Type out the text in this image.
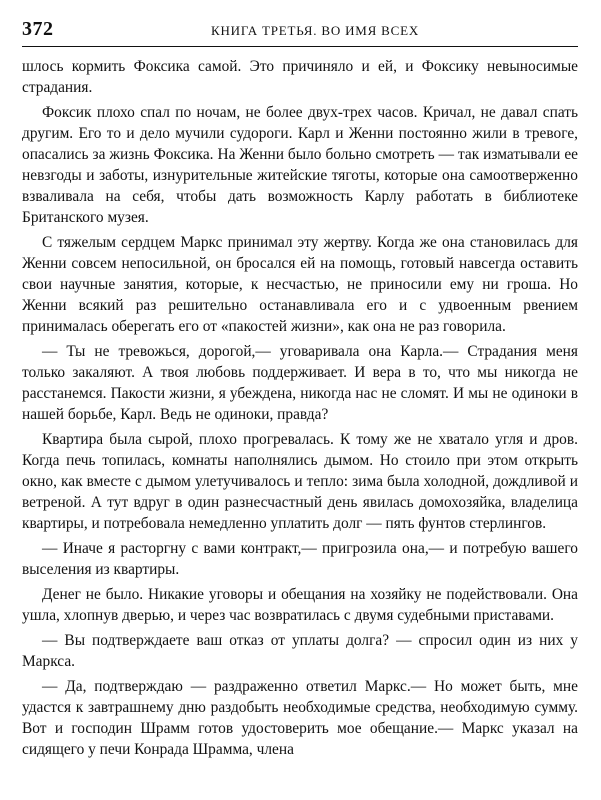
372	КНИГА ТРЕТЬЯ. ВО ИМЯ ВСЕХ

шлось кормить Фоксика самой. Это причиняло и ей, и Фоксику невыносимые страдания.

Фоксик плохо спал по ночам, не более двух-трех часов. Кричал, не давал спать другим. Его то и дело мучили судороги. Карл и Женни постоянно жили в тревоге, опасались за жизнь Фоксика. На Женни было больно смотреть — так изматывали ее невзгоды и заботы, изнурительные житейские тяготы, которые она самоотверженно взваливала на себя, чтобы дать возможность Карлу работать в библиотеке Британского музея.

С тяжелым сердцем Маркс принимал эту жертву. Когда же она становилась для Женни совсем непосильной, он бросался ей на помощь, готовый навсегда оставить свои научные занятия, которые, к несчастью, не приносили ему ни гроша. Но Женни всякий раз решительно останавливала его и с удвоенным рвением принималась оберегать его от «пакостей жизни», как она не раз говорила.

— Ты не тревожься, дорогой,— уговаривала она Карла.— Страдания меня только закаляют. А твоя любовь поддерживает. И вера в то, что мы никогда не расстанемся. Пакости жизни, я убеждена, никогда нас не сломят. И мы не одиноки в нашей борьбе, Карл. Ведь не одиноки, правда?

Квартира была сырой, плохо прогревалась. К тому же не хватало угля и дров. Когда печь топилась, комнаты наполнялись дымом. Но стоило при этом открыть окно, как вместе с дымом улетучивалось и тепло: зима была холодной, дождливой и ветреной. А тут вдруг в один разнесчастный день явилась домохозяйка, владелица квартиры, и потребовала немедленно уплатить долг — пять фунтов стерлингов.

— Иначе я расторгну с вами контракт,— пригрозила она,— и потребую вашего выселения из квартиры.

Денег не было. Никакие уговоры и обещания на хозяйку не подействовали. Она ушла, хлопнув дверью, и через час возвратилась с двумя судебными приставами.

— Вы подтверждаете ваш отказ от уплаты долга? — спросил один из них у Маркса.

— Да, подтверждаю — раздраженно ответил Маркс.— Но может быть, мне удастся к завтрашнему дню раздобыть необходимые средства, необходимую сумму. Вот и господин Шрамм готов удостоверить мое обещание.— Маркс указал на сидящего у печи Конрада Шрамма, члена
